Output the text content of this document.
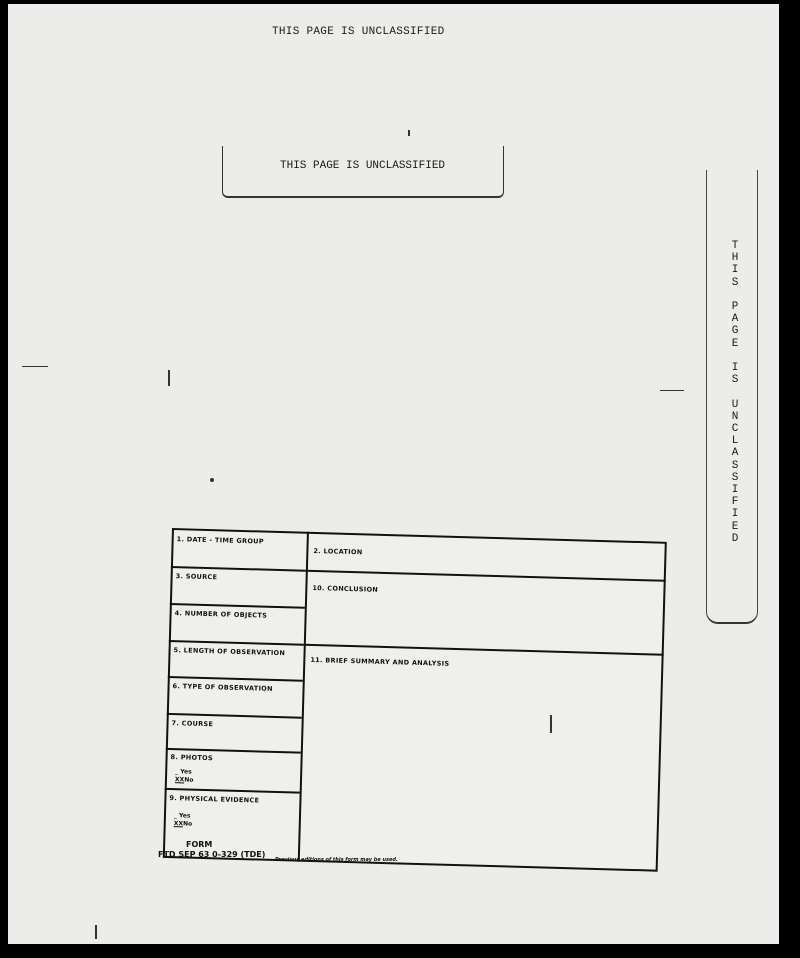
THIS PAGE IS UNCLASSIFIED
THIS PAGE IS UNCLASSIFIED
T
H
I
S

P
A
G
E

I
S

U
N
C
L
A
S
S
I
F
I
E
D
1. DATE - TIME GROUP
2. LOCATION
3. SOURCE
10. CONCLUSION
4. NUMBER OF OBJECTS
5. LENGTH OF OBSERVATION
11. BRIEF SUMMARY AND ANALYSIS
6. TYPE OF OBSERVATION
7. COURSE
8. PHOTOS
9. PHYSICAL EVIDENCE
_ Yes
XXNo
_ Yes
XXNo
FORM
FTD SEP 63 0-329 (TDE)
Previous editions of this form may be used.
